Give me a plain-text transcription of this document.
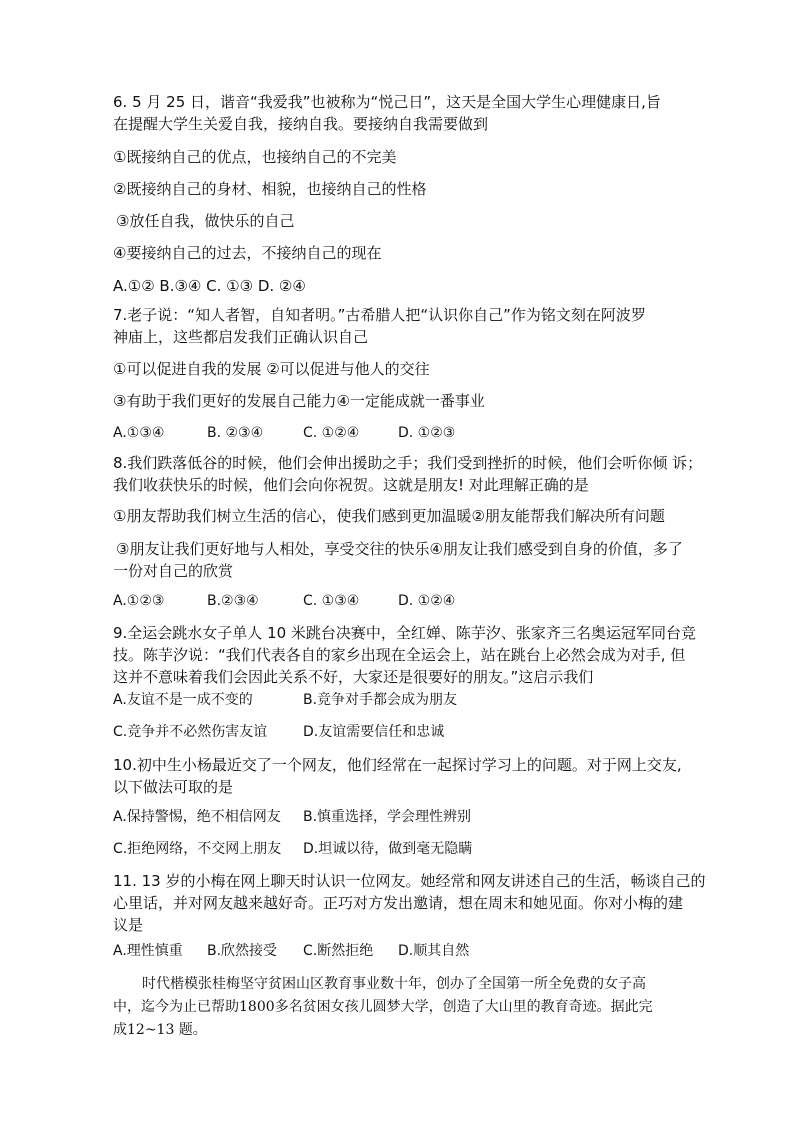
6. 5 月 25 日，谐音“我爱我”也被称为“悦己日”，这天是全国大学生心理健康日,旨
在提醒大学生关爱自我，接纳自我。要接纳自我需要做到
①既接纳自己的优点，也接纳自己的不完美
②既接纳自己的身材、相貌，也接纳自己的性格
③放任自我，做快乐的自己
④要接纳自己的过去，不接纳自己的现在
A.①② B.③④ C. ①③ D. ②④
7.老子说：“知人者智，自知者明。”古希腊人把“认识你自己”作为铭文刻在阿波罗
神庙上，这些都启发我们正确认识自己
①可以促进自我的发展 ②可以促进与他人的交往
③有助于我们更好的发展自己能力④一定能成就一番事业
A.①③④	B. ②③④	C. ①②④	D. ①②③
8.我们跌落低谷的时候，他们会伸出援助之手；我们受到挫折的时候，他们会听你倾 诉；
我们收获快乐的时候，他们会向你祝贺。这就是朋友! 对此理解正确的是
①朋友帮助我们树立生活的信心，使我们感到更加温暖②朋友能帮我们解决所有问题
③朋友让我们更好地与人相处，享受交往的快乐④朋友让我们感受到自身的价值，多了
一份对自己的欣赏
A.①②③	B.②③④	C. ①③④	D. ①②④
9.全运会跳水女子单人 10 米跳台决赛中，全红婵、陈芋汐、张家齐三名奥运冠军同台竞
技。陈芋汐说：“我们代表各自的家乡出现在全运会上，站在跳台上必然会成为对手, 但
这并不意味着我们会因此关系不好，大家还是很要好的朋友。”这启示我们
A.友谊不是一成不变的	B.竞争对手都会成为朋友
C.竞争并不必然伤害友谊	D.友谊需要信任和忠诚
10.初中生小杨最近交了一个网友，他们经常在一起探讨学习上的问题。对于网上交友,
以下做法可取的是
A.保持警惕，绝不相信网友 B.慎重选择，学会理性辨别
C.拒绝网络，不交网上朋友 D.坦诚以待，做到毫无隐瞒
11. 13 岁的小梅在网上聊天时认识一位网友。她经常和网友讲述自己的生活，畅谈自己的
心里话，并对网友越来越好奇。正巧对方发出邀请，想在周末和她见面。你对小梅的建
议是
A.理性慎重 B.欣然接受 C.断然拒绝 D.顺其自然
时代楷模张桂梅坚守贫困山区教育事业数十年，创办了全国第一所全免费的女子高
中，迄今为止已帮助1800多名贫困女孩儿圆梦大学，创造了大山里的教育奇迹。据此完
成12~13 题。
